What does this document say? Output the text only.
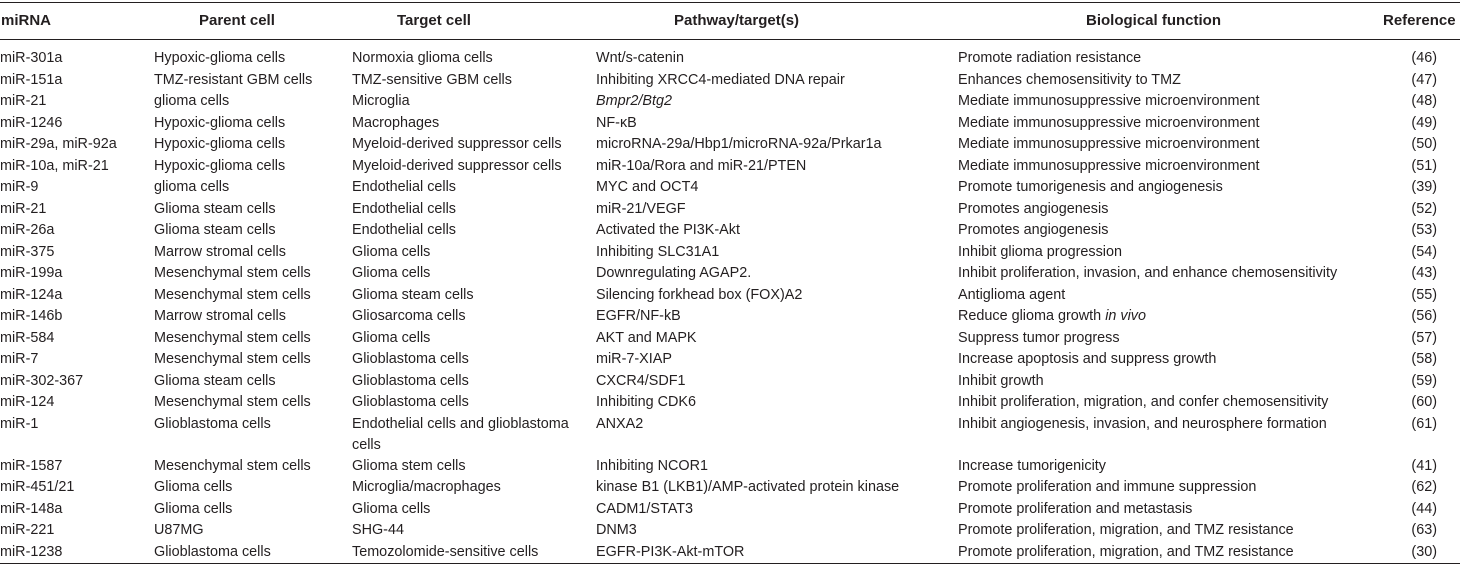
miRNA	Parent cell	Target cell	Pathway/target(s)	Biological function	Reference
miR-301a	Hypoxic-glioma cells	Normoxia glioma cells	Wnt/s-catenin	Promote radiation resistance	(46)
miR-151a	TMZ-resistant GBM cells	TMZ-sensitive GBM cells	Inhibiting XRCC4-mediated DNA repair	Enhances chemosensitivity to TMZ	(47)
miR-21	glioma cells	Microglia	Bmpr2/Btg2	Mediate immunosuppressive microenvironment	(48)
miR-1246	Hypoxic-glioma cells	Macrophages	NF-κB	Mediate immunosuppressive microenvironment	(49)
miR-29a, miR-92a	Hypoxic-glioma cells	Myeloid-derived suppressor cells	microRNA-29a/Hbp1/microRNA-92a/Prkar1a	Mediate immunosuppressive microenvironment	(50)
miR-10a, miR-21	Hypoxic-glioma cells	Myeloid-derived suppressor cells	miR-10a/Rora and miR-21/PTEN	Mediate immunosuppressive microenvironment	(51)
miR-9	glioma cells	Endothelial cells	MYC and OCT4	Promote tumorigenesis and angiogenesis	(39)
miR-21	Glioma steam cells	Endothelial cells	miR-21/VEGF	Promotes angiogenesis	(52)
miR-26a	Glioma steam cells	Endothelial cells	Activated the PI3K-Akt	Promotes angiogenesis	(53)
miR-375	Marrow stromal cells	Glioma cells	Inhibiting SLC31A1	Inhibit glioma progression	(54)
miR-199a	Mesenchymal stem cells	Glioma cells	Downregulating AGAP2.	Inhibit proliferation, invasion, and enhance chemosensitivity	(43)
miR-124a	Mesenchymal stem cells	Glioma steam cells	Silencing forkhead box (FOX)A2	Antiglioma agent	(55)
miR-146b	Marrow stromal cells	Gliosarcoma cells	EGFR/NF-kB	Reduce glioma growth in vivo	(56)
miR-584	Mesenchymal stem cells	Glioma cells	AKT and MAPK	Suppress tumor progress	(57)
miR-7	Mesenchymal stem cells	Glioblastoma cells	miR-7-XIAP	Increase apoptosis and suppress growth	(58)
miR-302-367	Glioma steam cells	Glioblastoma cells	CXCR4/SDF1	Inhibit growth	(59)
miR-124	Mesenchymal stem cells	Glioblastoma cells	Inhibiting CDK6	Inhibit proliferation, migration, and confer chemosensitivity	(60)
miR-1	Glioblastoma cells	Endothelial cells and glioblastoma cells	ANXA2	Inhibit angiogenesis, invasion, and neurosphere formation	(61)
miR-1587	Mesenchymal stem cells	Glioma stem cells	Inhibiting NCOR1	Increase tumorigenicity	(41)
miR-451/21	Glioma cells	Microglia/macrophages	kinase B1 (LKB1)/AMP-activated protein kinase	Promote proliferation and immune suppression	(62)
miR-148a	Glioma cells	Glioma cells	CADM1/STAT3	Promote proliferation and metastasis	(44)
miR-221	U87MG	SHG-44	DNM3	Promote proliferation, migration, and TMZ resistance	(63)
miR-1238	Glioblastoma cells	Temozolomide-sensitive cells	EGFR-PI3K-Akt-mTOR	Promote proliferation, migration, and TMZ resistance	(30)
